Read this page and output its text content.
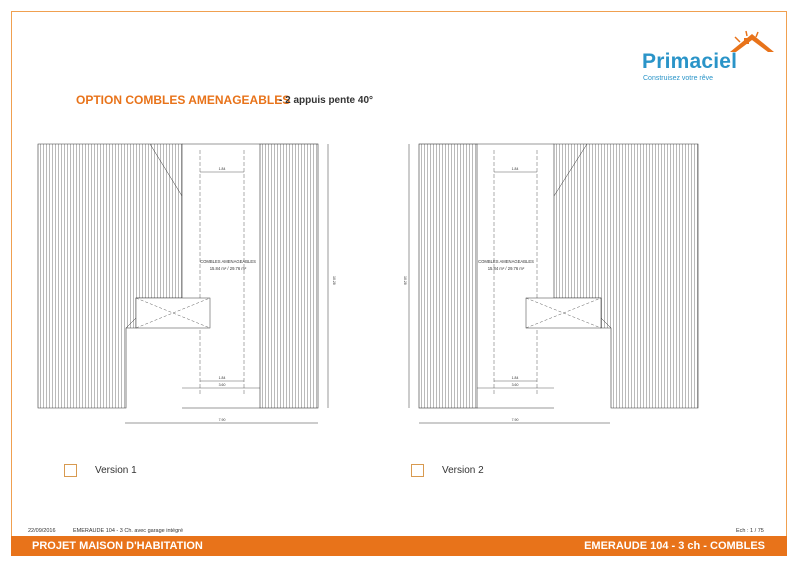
Primaciel
Construisez votre rêve
OPTION COMBLES AMENAGEABLES
- 2 appuis pente 40°
1.84
1.84
3.60
7.90
10.28
COMBLES AMENAGEABLES
15.84 m² / 29.76 m²
1.84
1.84
3.60
7.90
10.28
COMBLES AMENAGEABLES
15.84 m² / 29.76 m²
Version 1	Version 2
22/09/2016	EMERAUDE 104 - 3 Ch. avec garage intégré	Ech : 1 / 75
PROJET MAISON D'HABITATION	EMERAUDE 104 - 3 ch - COMBLES
